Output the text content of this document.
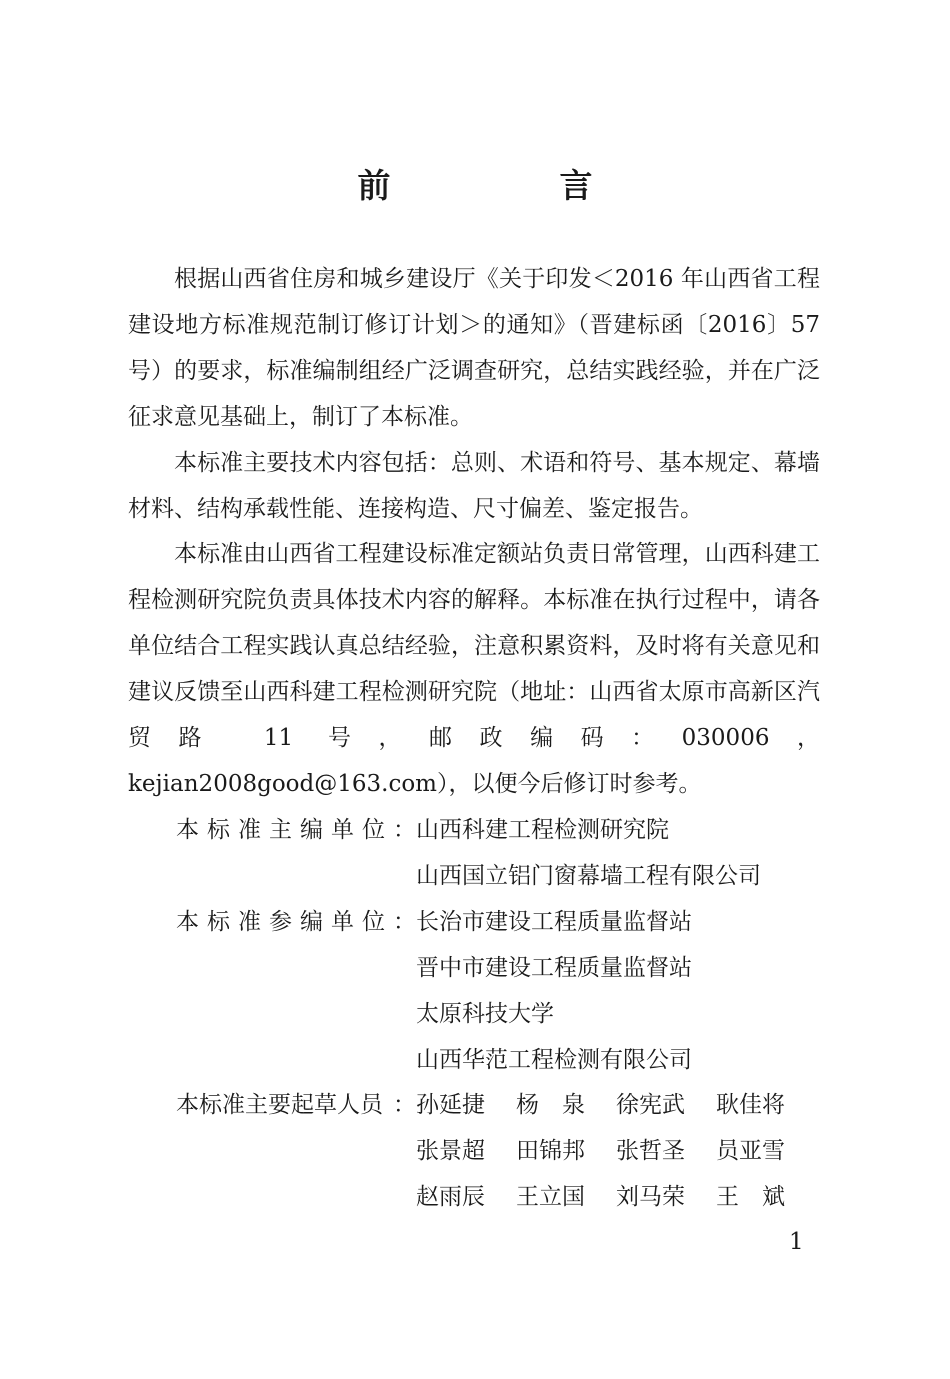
前　言

根据山西省住房和城乡建设厅《关于印发＜2016 年山西省工程建设地方标准规范制订修订计划＞的通知》（晋建标函〔2016〕57 号）的要求，标准编制组经广泛调查研究，总结实践经验，并在广泛征求意见基础上，制订了本标准。

本标准主要技术内容包括：总则、术语和符号、基本规定、幕墙材料、结构承载性能、连接构造、尺寸偏差、鉴定报告。

本标准由山西省工程建设标准定额站负责日常管理，山西科建工程检测研究院负责具体技术内容的解释。本标准在执行过程中，请各单位结合工程实践认真总结经验，注意积累资料，及时将有关意见和建议反馈至山西科建工程检测研究院（地址：山西省太原市高新区汽贸路 11 号，邮政编码：030006，kejian2008good@163.com），以便今后修订时参考。

本标准主编单位 ： 山西科建工程检测研究院
山西国立铝门窗幕墙工程有限公司
本标准参编单位 ： 长治市建设工程质量监督站
晋中市建设工程质量监督站
太原科技大学
山西华范工程检测有限公司
本标准主要起草人员 ： 孙延捷	杨泉 徐宪武	耿佳将
张景超	田锦邦	张哲圣	员亚雪
赵雨辰	王立国	刘马荣	王斌
1
